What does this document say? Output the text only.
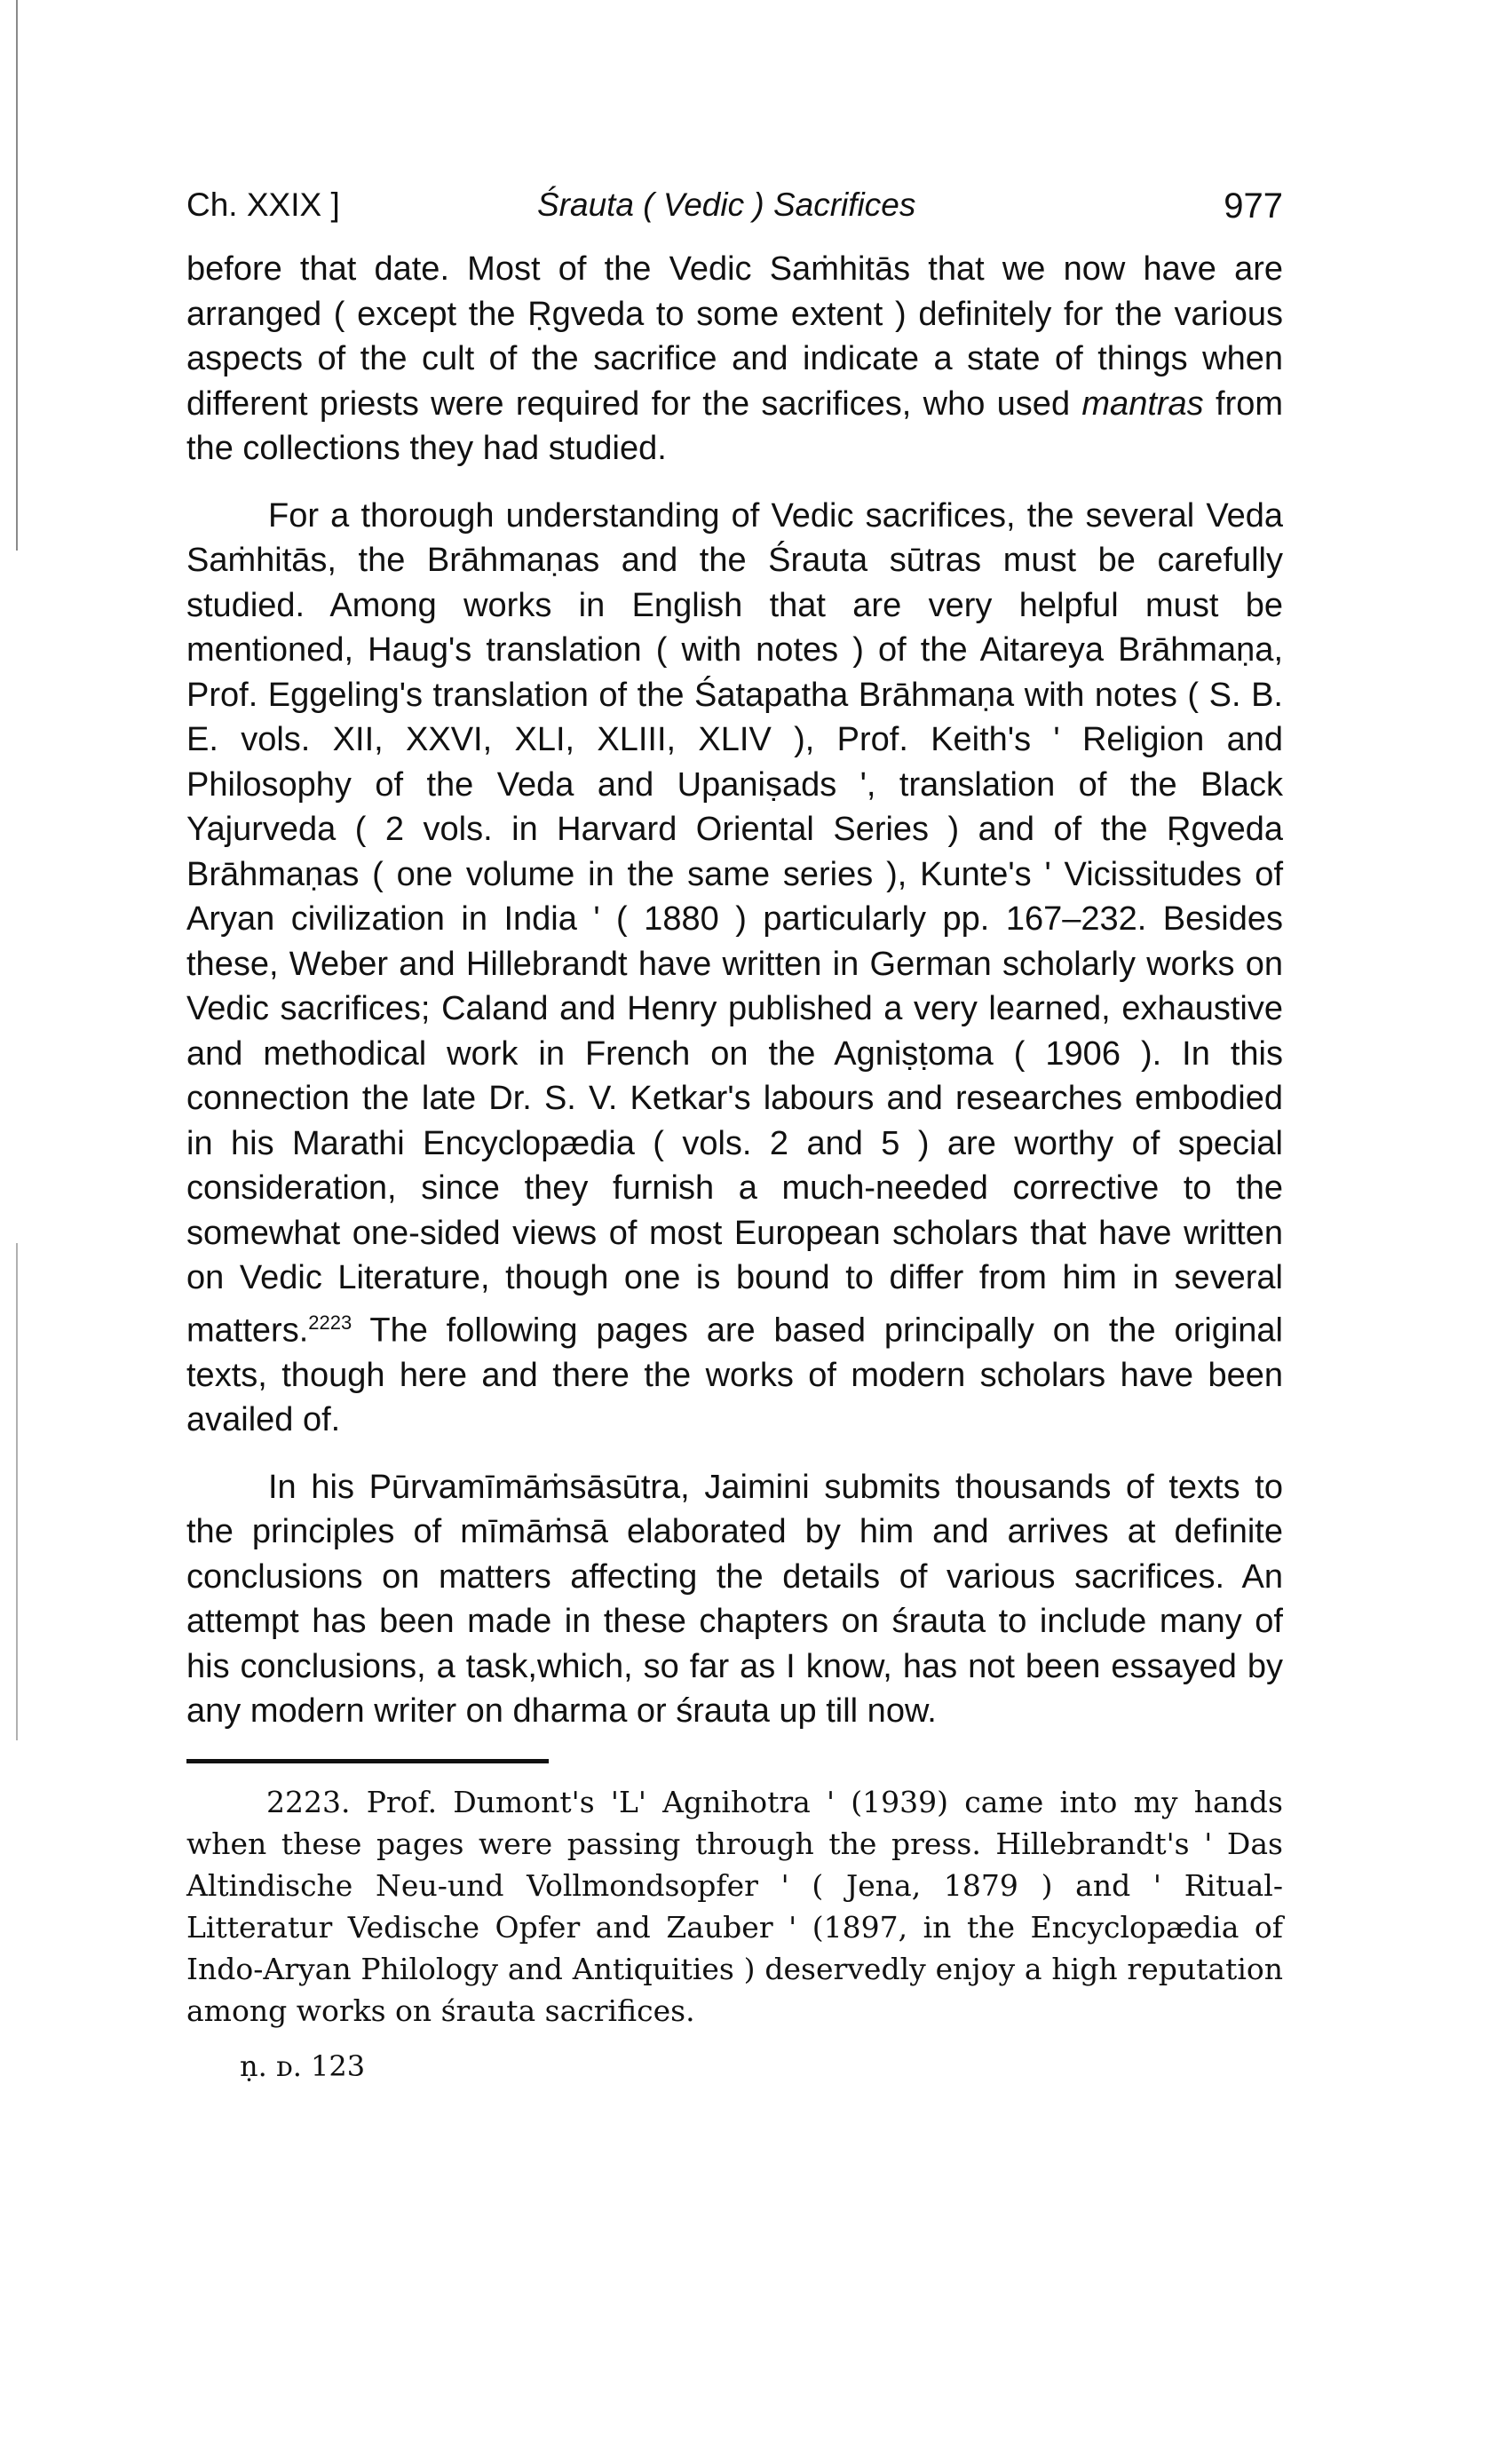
Ch. XXIX ]	Śrauta ( Vedic ) Sacrifices	977

before that date. Most of the Vedic Saṁhitās that we now have are arranged ( except the Ṛgveda to some extent ) definitely for the various aspects of the cult of the sacrifice and indicate a state of things when different priests were required for the sacrifices, who used mantras from the collections they had studied.

For a thorough understanding of Vedic sacrifices, the several Veda Saṁhitās, the Brāhmaṇas and the Śrauta sūtras must be carefully studied. Among works in English that are very helpful must be mentioned, Haug's translation ( with notes ) of the Aitareya Brāhmaṇa, Prof. Eggeling's translation of the Śatapatha Brāhmaṇa with notes ( S. B. E. vols. XII, XXVI, XLI, XLIII, XLIV ), Prof. Keith's ' Religion and Philosophy of the Veda and Upaniṣads ', translation of the Black Yajurveda ( 2 vols. in Harvard Oriental Series ) and of the Ṛgveda Brāhmaṇas ( one volume in the same series ), Kunte's ' Vicissitudes of Aryan civilization in India ' ( 1880 ) particularly pp. 167–232. Besides these, Weber and Hillebrandt have written in German scholarly works on Vedic sacrifices; Caland and Henry published a very learned, exhaustive and methodical work in French on the Agniṣṭoma ( 1906 ). In this connection the late Dr. S. V. Ketkar's labours and researches embodied in his Marathi Encyclopædia ( vols. 2 and 5 ) are worthy of special consideration, since they furnish a much-needed corrective to the somewhat one-sided views of most European scholars that have written on Vedic Literature, though one is bound to differ from him in several matters.$^{2223}$ The following pages are based principally on the original texts, though here and there the works of modern scholars have been availed of.

In his Pūrvamīmāṁsāsūtra, Jaimini submits thousands of texts to the principles of mīmāṁsā elaborated by him and arrives at definite conclusions on matters affecting the details of various sacrifices. An attempt has been made in these chapters on śrauta to include many of his conclusions, a task,which, so far as I know, has not been essayed by any modern writer on dharma or śrauta up till now.

2223. Prof. Dumont's 'L' Agnihotra ' (1939) came into my hands when these pages were passing through the press. Hillebrandt's ' Das Altindische Neu-und Vollmondsopfer ' ( Jena, 1879 ) and ' Ritual-Litteratur Vedische Opfer and Zauber ' (1897, in the Encyclopædia of Indo-Aryan Philology and Antiquities ) deservedly enjoy a high reputation among works on śrauta sacrifices.

ṇ. ᴅ. 123
